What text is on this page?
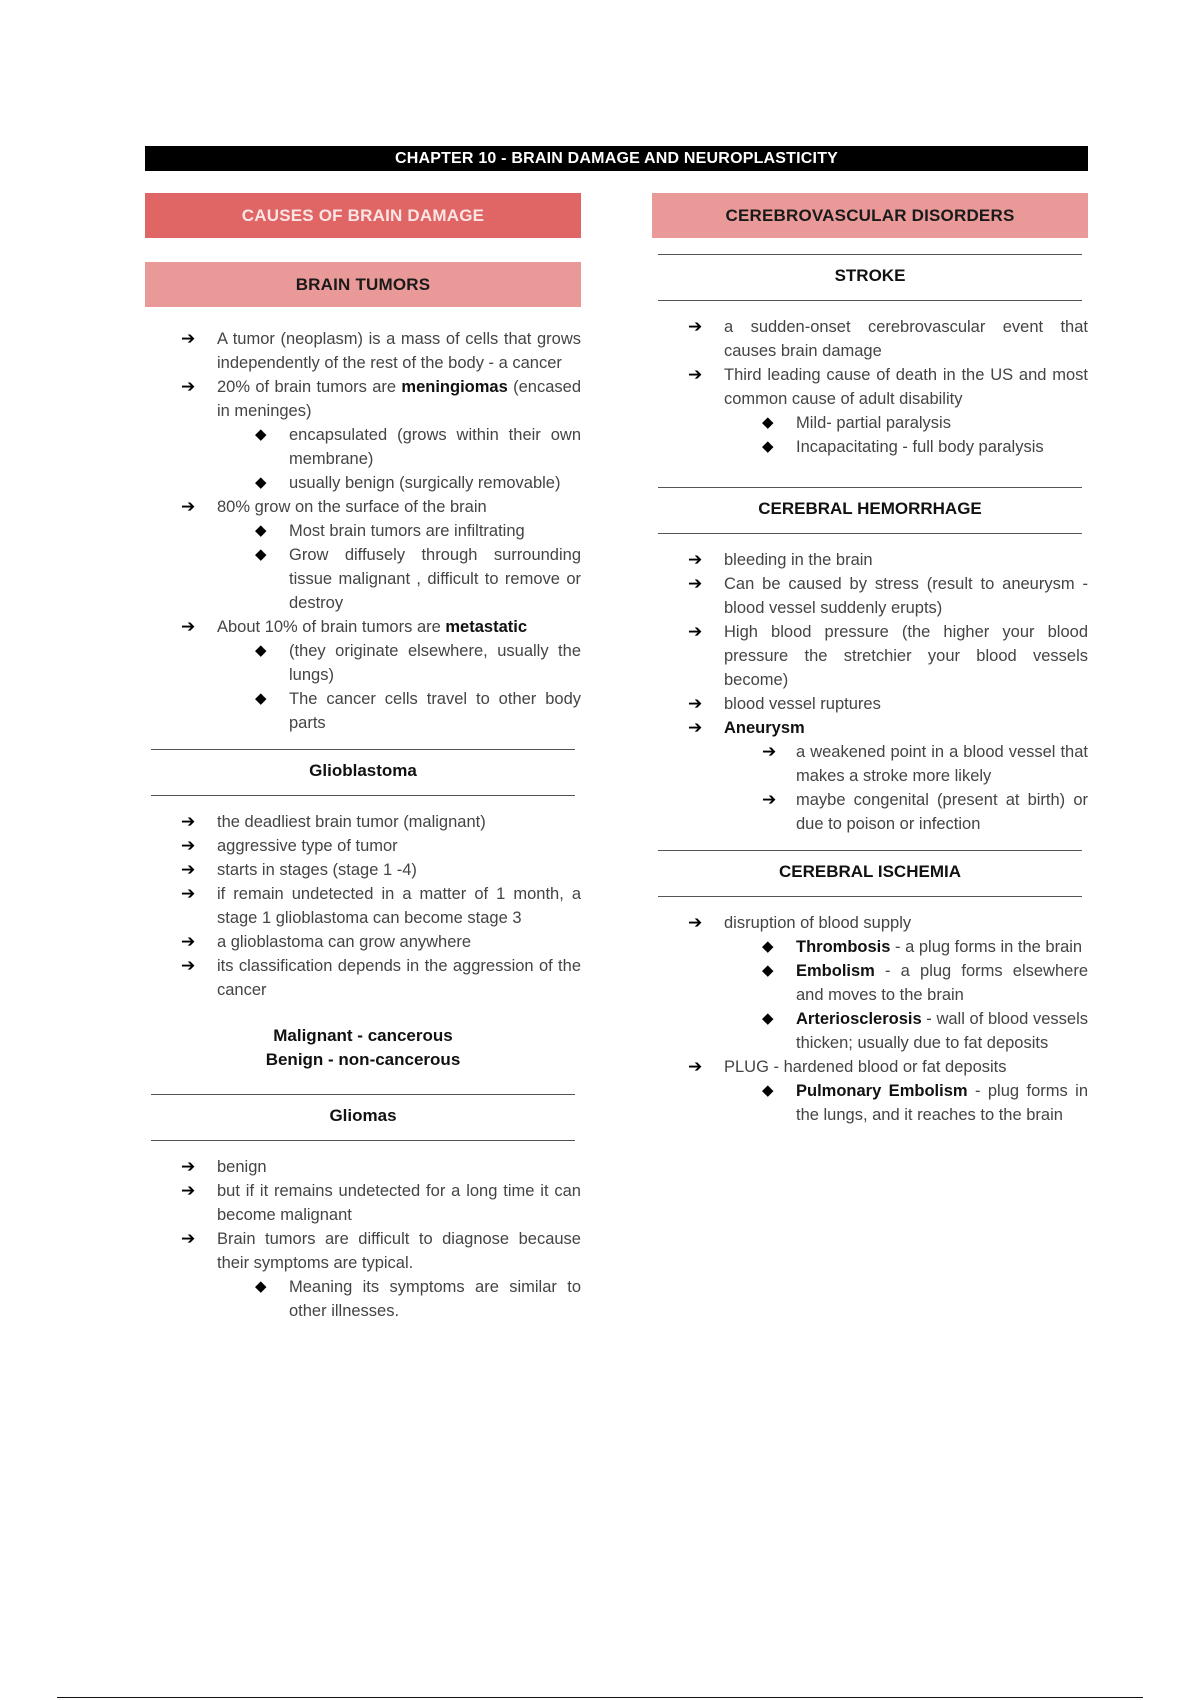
CHAPTER 10 - BRAIN DAMAGE AND NEUROPLASTICITY
CAUSES OF BRAIN DAMAGE
BRAIN TUMORS
➔ A tumor (neoplasm) is a mass of cells that grows independently of the rest of the body - a cancer
➔ 20% of brain tumors are meningiomas (encased in meninges)
◆ encapsulated (grows within their own membrane)
◆ usually benign (surgically removable)
➔ 80% grow on the surface of the brain
◆ Most brain tumors are infiltrating
◆ Grow diffusely through surrounding tissue malignant , difficult to remove or destroy
➔ About 10% of brain tumors are metastatic
◆ (they originate elsewhere, usually the lungs)
◆ The cancer cells travel to other body parts
Glioblastoma
➔ the deadliest brain tumor (malignant)
➔ aggressive type of tumor
➔ starts in stages (stage 1 -4)
➔ if remain undetected in a matter of 1 month, a stage 1 glioblastoma can become stage 3
➔ a glioblastoma can grow anywhere
➔ its classification depends in the aggression of the cancer
Malignant - cancerous
Benign - non-cancerous
Gliomas
➔ benign
➔ but if it remains undetected for a long time it can become malignant
➔ Brain tumors are difficult to diagnose because their symptoms are typical.
◆ Meaning its symptoms are similar to other illnesses.
CEREBROVASCULAR DISORDERS
STROKE
➔ a sudden-onset cerebrovascular event that causes brain damage
➔ Third leading cause of death in the US and most common cause of adult disability
◆ Mild- partial paralysis
◆ Incapacitating - full body paralysis
CEREBRAL HEMORRHAGE
➔ bleeding in the brain
➔ Can be caused by stress (result to aneurysm - blood vessel suddenly erupts)
➔ High blood pressure (the higher your blood pressure the stretchier your blood vessels become)
➔ blood vessel ruptures
➔ Aneurysm
➔ a weakened point in a blood vessel that makes a stroke more likely
➔ maybe congenital (present at birth) or due to poison or infection
CEREBRAL ISCHEMIA
➔ disruption of blood supply
◆ Thrombosis - a plug forms in the brain
◆ Embolism - a plug forms elsewhere and moves to the brain
◆ Arteriosclerosis - wall of blood vessels thicken; usually due to fat deposits
➔ PLUG - hardened blood or fat deposits
◆ Pulmonary Embolism - plug forms in the lungs, and it reaches to the brain
